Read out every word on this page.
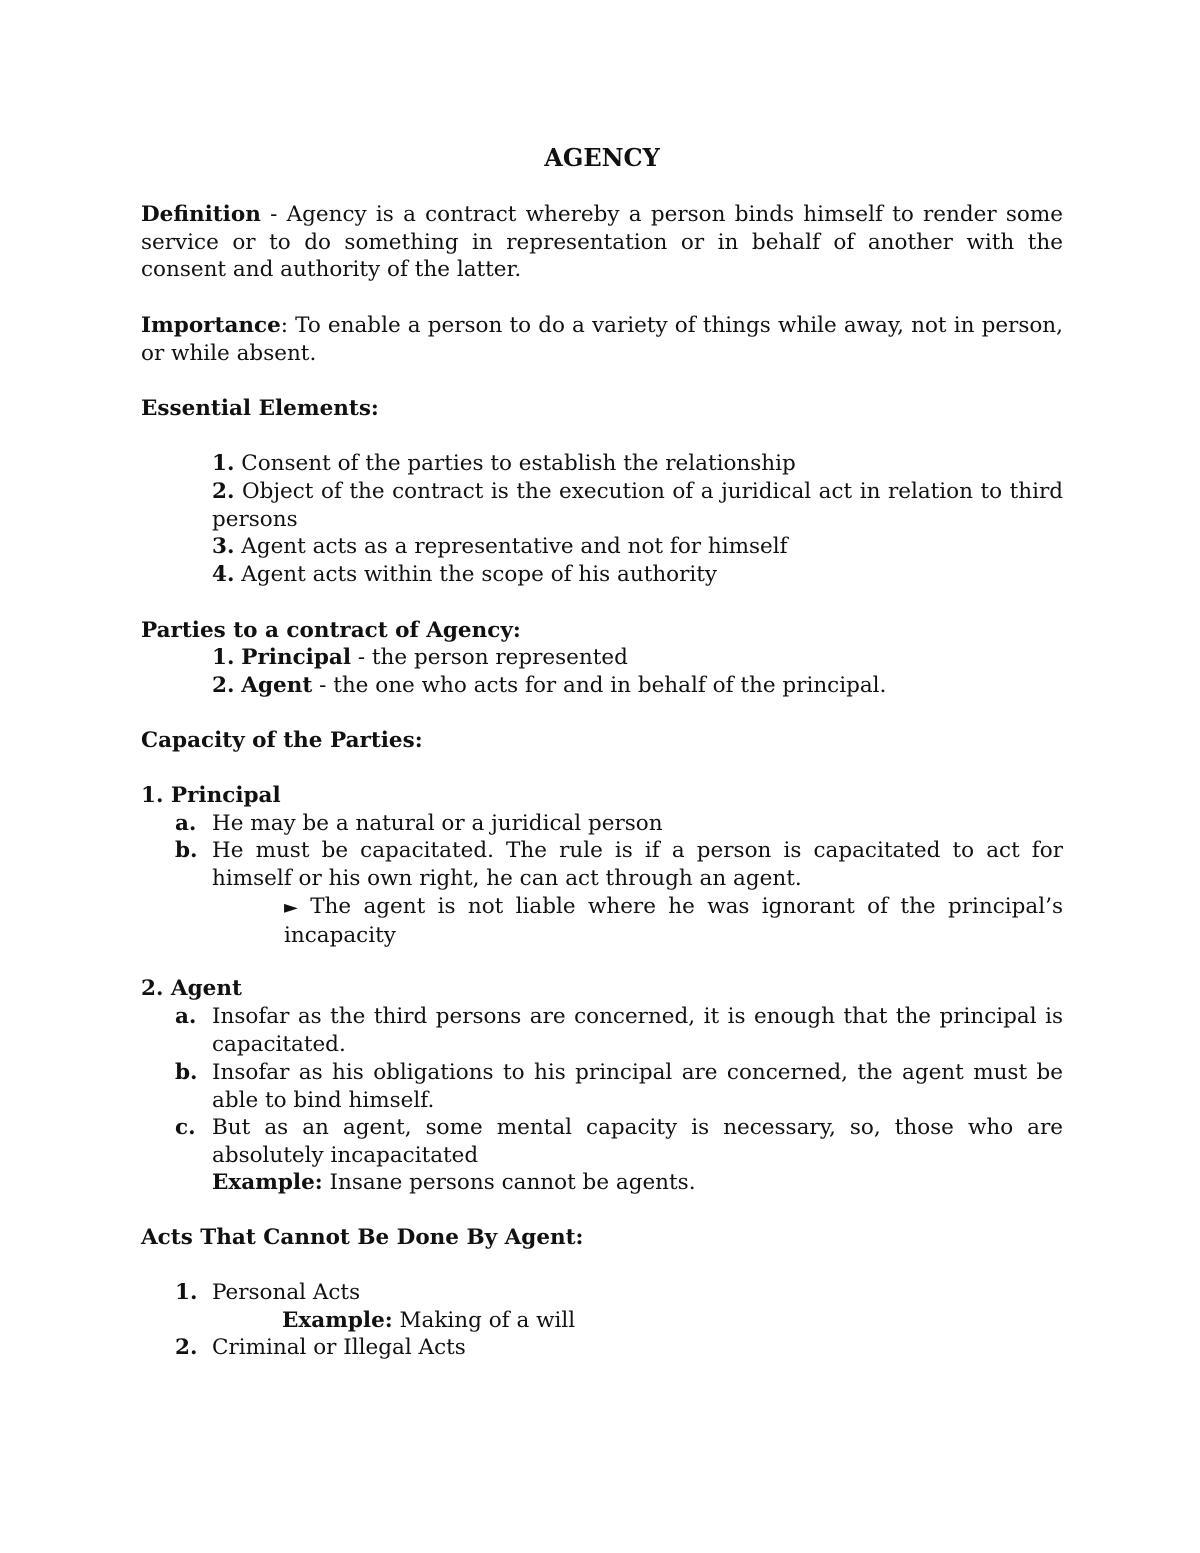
AGENCY
Definition - Agency is a contract whereby a person binds himself to render some service or to do something in representation or in behalf of another with the consent and authority of the latter.
Importance: To enable a person to do a variety of things while away, not in person, or while absent.
Essential Elements:
1. Consent of the parties to establish the relationship
2. Object of the contract is the execution of a juridical act in relation to third persons
3. Agent acts as a representative and not for himself
4. Agent acts within the scope of his authority
Parties to a contract of Agency:
1. Principal - the person represented
2. Agent - the one who acts for and in behalf of the principal.
Capacity of the Parties:
1. Principal
a. He may be a natural or a juridical person
b. He must be capacitated. The rule is if a person is capacitated to act for himself or his own right, he can act through an agent.
► The agent is not liable where he was ignorant of the principal’s incapacity
2. Agent
a. Insofar as the third persons are concerned, it is enough that the principal is capacitated.
b. Insofar as his obligations to his principal are concerned, the agent must be able to bind himself.
c. But as an agent, some mental capacity is necessary, so, those who are absolutely incapacitated
Example: Insane persons cannot be agents.
Acts That Cannot Be Done By Agent:
1. Personal Acts
Example: Making of a will
2. Criminal or Illegal Acts
